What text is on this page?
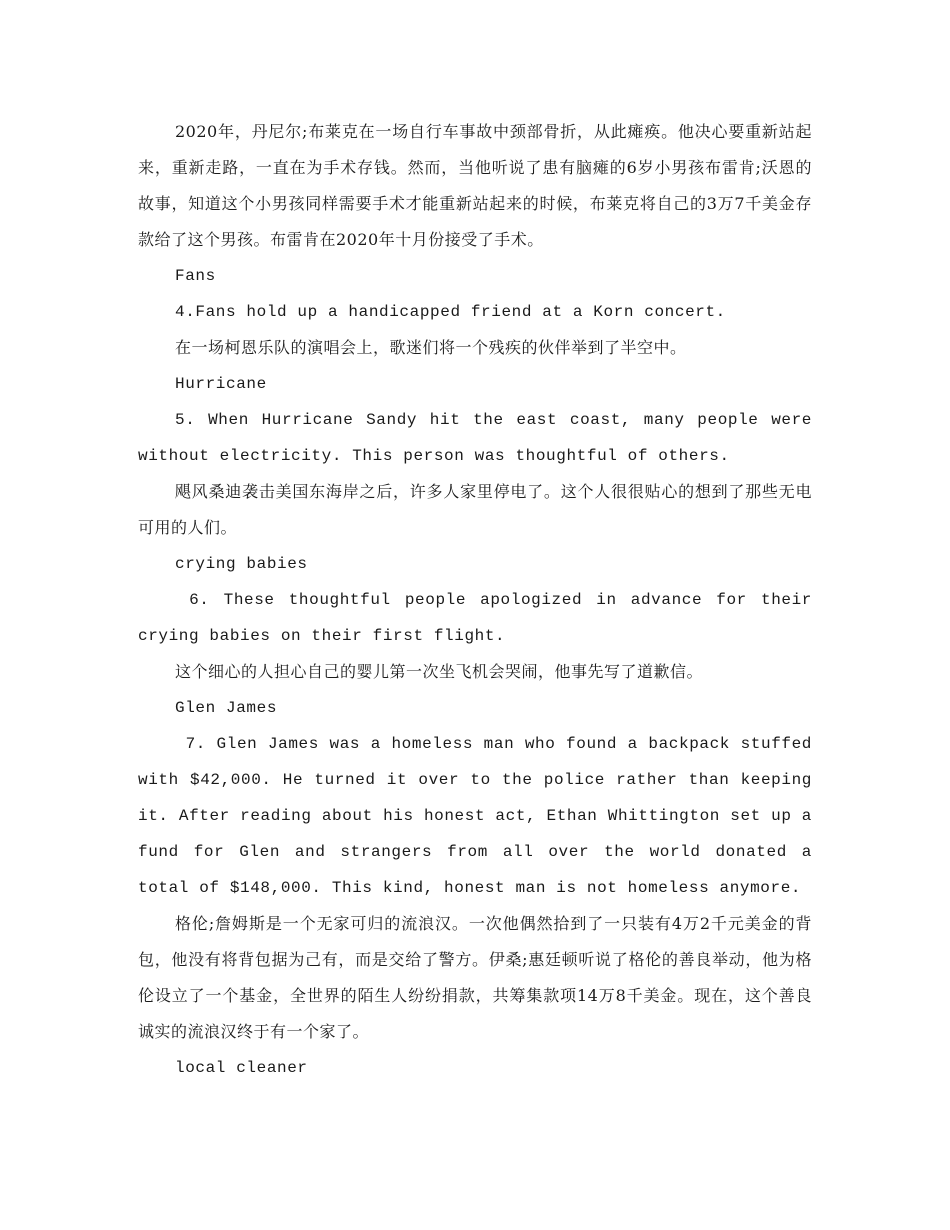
2020年，丹尼尔;布莱克在一场自行车事故中颈部骨折，从此瘫痪。他决心要重新站起来，重新走路，一直在为手术存钱。然而，当他听说了患有脑瘫的6岁小男孩布雷肯;沃恩的故事，知道这个小男孩同样需要手术才能重新站起来的时候，布莱克将自己的3万7千美金存款给了这个男孩。布雷肯在2020年十月份接受了手术。

Fans

4.Fans hold up a handicapped friend at a Korn concert.

在一场柯恩乐队的演唱会上，歌迷们将一个残疾的伙伴举到了半空中。

Hurricane

5. When Hurricane Sandy hit the east coast, many people were without electricity. This person was thoughtful of others.

飓风桑迪袭击美国东海岸之后，许多人家里停电了。这个人很很贴心的想到了那些无电可用的人们。

crying babies

6. These thoughtful people apologized in advance for their crying babies on their first flight.

这个细心的人担心自己的婴儿第一次坐飞机会哭闹，他事先写了道歉信。

Glen James

7. Glen James was a homeless man who found a backpack stuffed with $42,000. He turned it over to the police rather than keeping it. After reading about his honest act, Ethan Whittington set up a fund for Glen and strangers from all over the world donated a total of $148,000. This kind, honest man is not homeless anymore.

格伦;詹姆斯是一个无家可归的流浪汉。一次他偶然拾到了一只装有4万2千元美金的背包，他没有将背包据为己有，而是交给了警方。伊桑;惠廷顿听说了格伦的善良举动，他为格伦设立了一个基金，全世界的陌生人纷纷捐款，共筹集款项14万8千美金。现在，这个善良诚实的流浪汉终于有一个家了。

local cleaner
